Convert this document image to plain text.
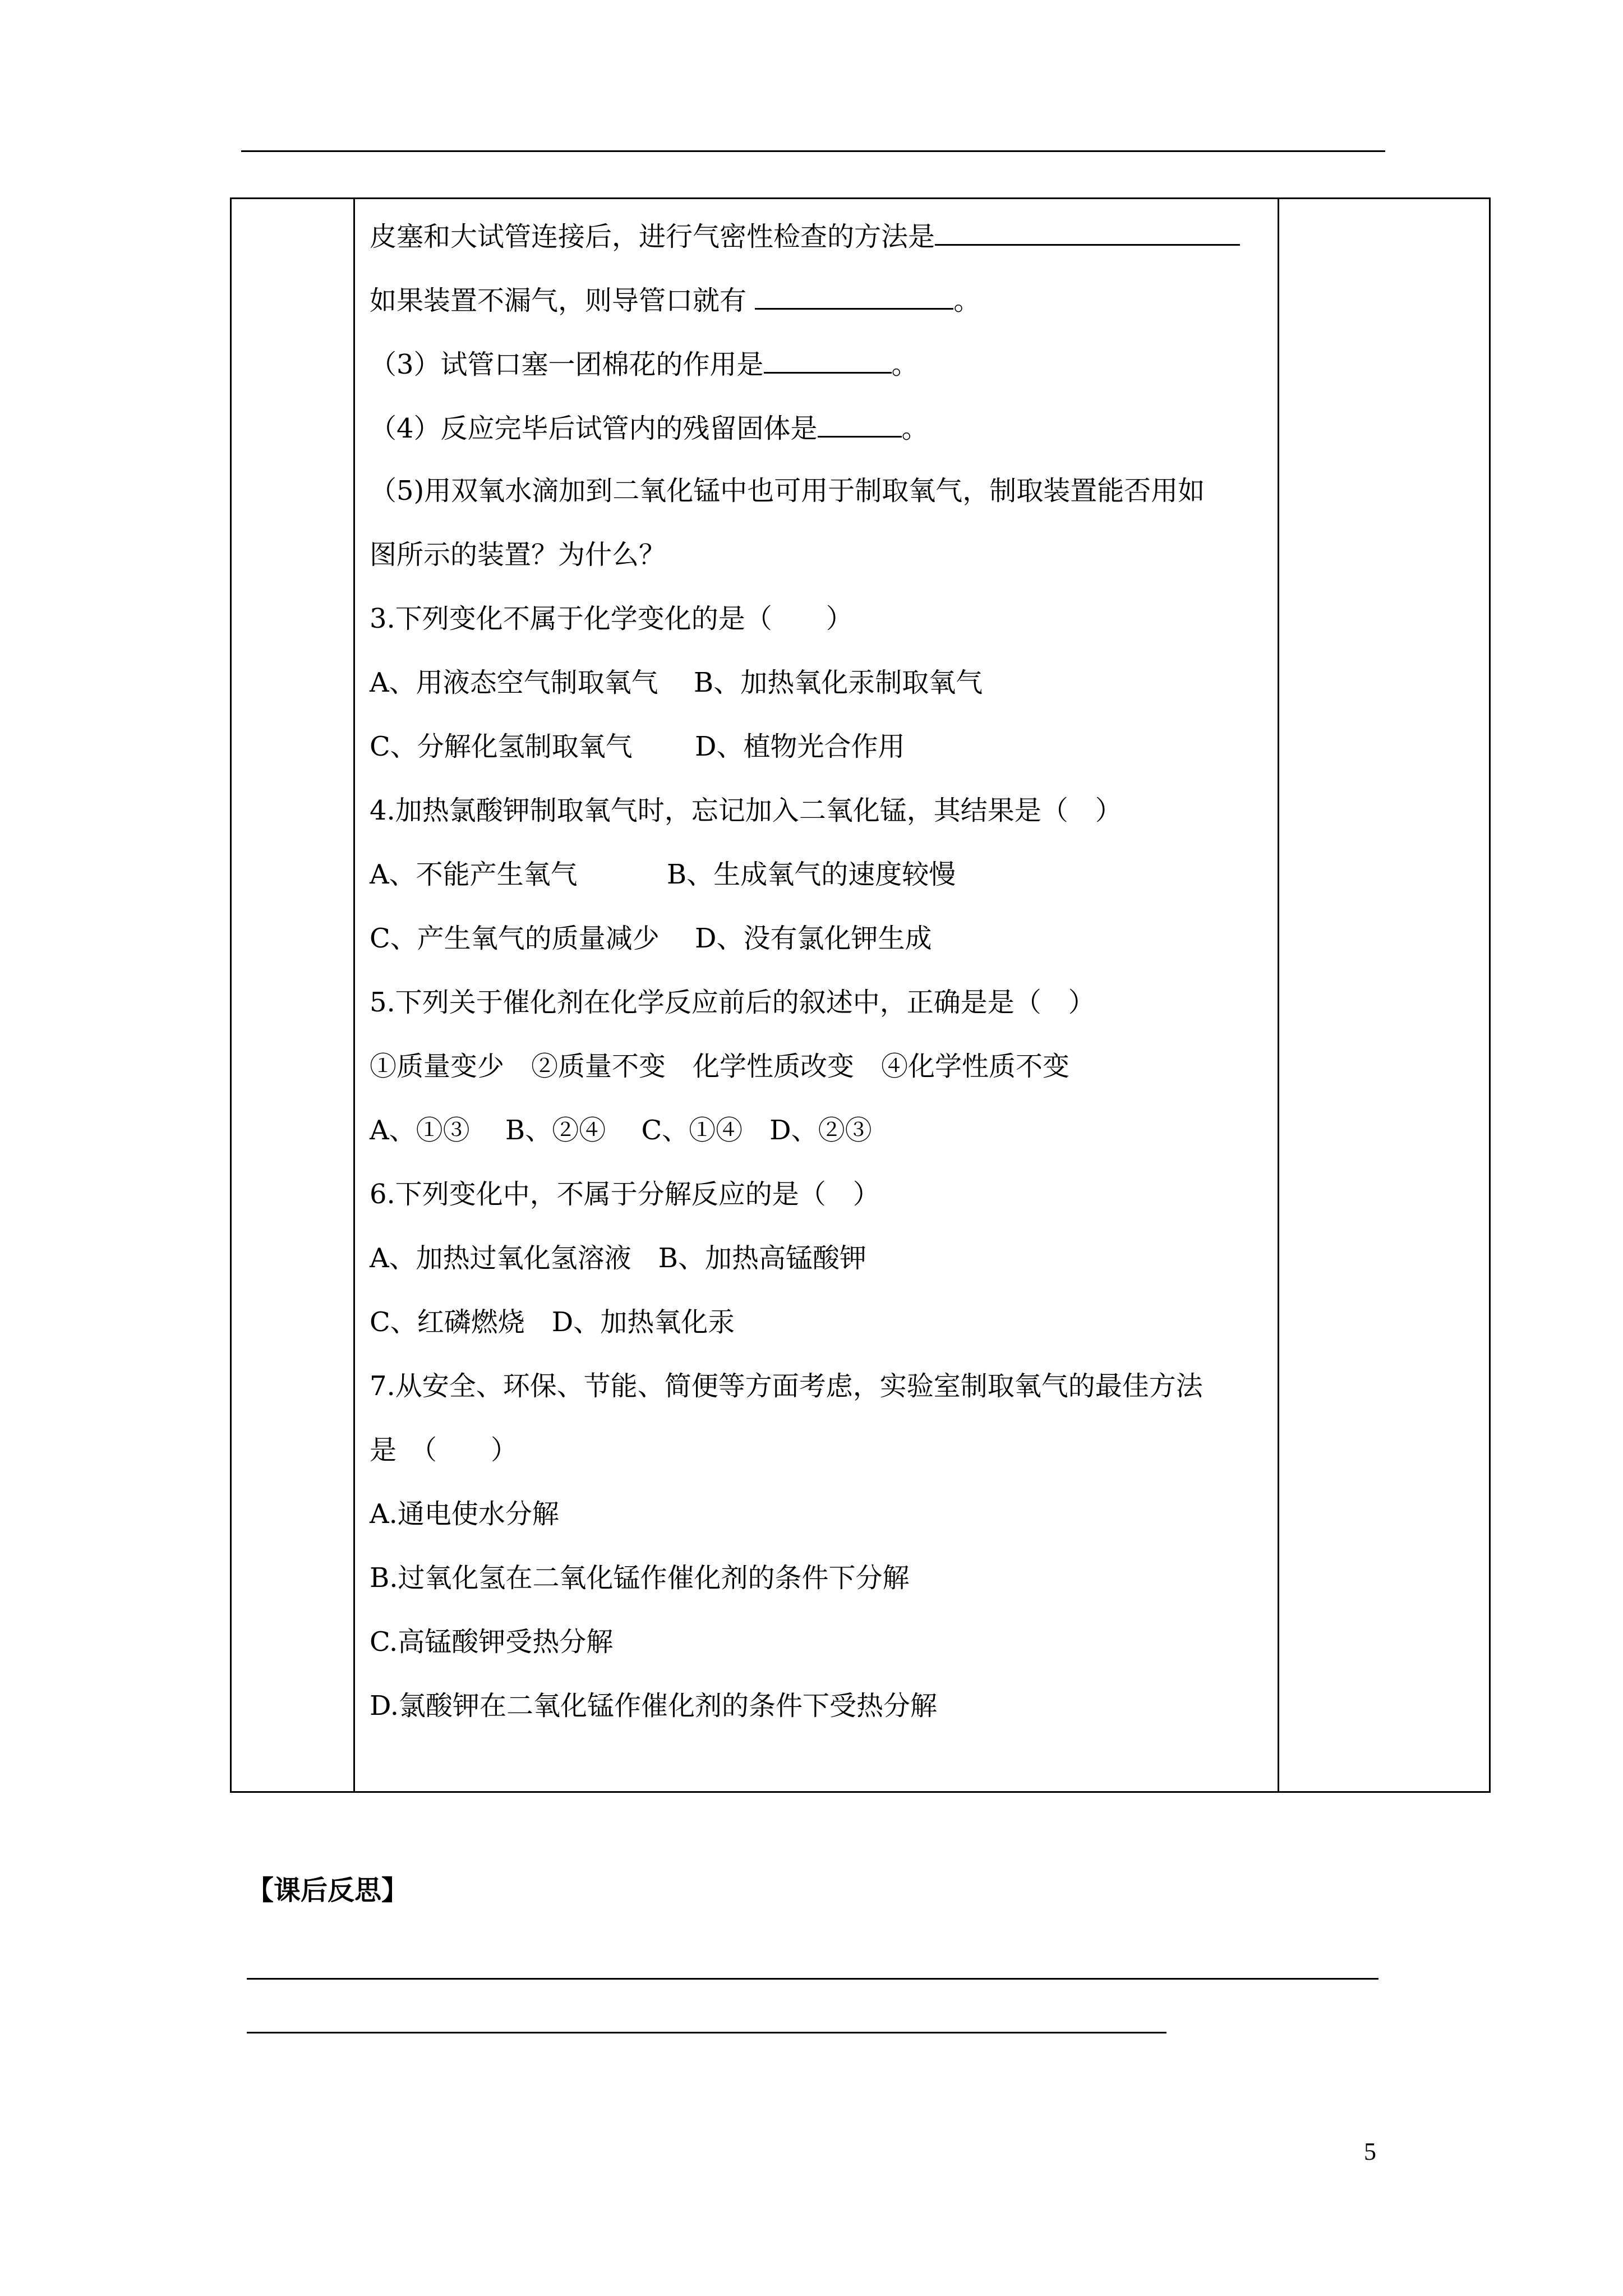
皮塞和大试管连接后，进行气密性检查的方法是
如果装置不漏气，则导管口就有	。
（3）试管口塞一团棉花的作用是	。
（4）反应完毕后试管内的残留固体是	。
（5)用双氧水滴加到二氧化锰中也可用于制取氧气，制取装置能否用如
图所示的装置？为什么？
3.下列变化不属于化学变化的是（　　）
A、用液态空气制取氧气　 B、加热氧化汞制取氧气
C、分解化氢制取氧气　　 D、植物光合作用
4.加热氯酸钾制取氧气时，忘记加入二氧化锰，其结果是（　）
A、不能产生氧气　　　 B、生成氧气的速度较慢
C、产生氧气的质量减少　 D、没有氯化钾生成
5.下列关于催化剂在化学反应前后的叙述中，正确是是（　）
①质量变少　②质量不变　化学性质改变　④化学性质不变
A、①③　 B、②④　 C、①④　D、②③
6.下列变化中，不属于分解反应的是（　）
A、加热过氧化氢溶液　B、加热高锰酸钾
C、红磷燃烧　D、加热氧化汞
7.从安全、环保、节能、简便等方面考虑，实验室制取氧气的最佳方法
是　（　　）
A.通电使水分解
B.过氧化氢在二氧化锰作催化剂的条件下分解
C.高锰酸钾受热分解
D.氯酸钾在二氧化锰作催化剂的条件下受热分解
【课后反思】
5
